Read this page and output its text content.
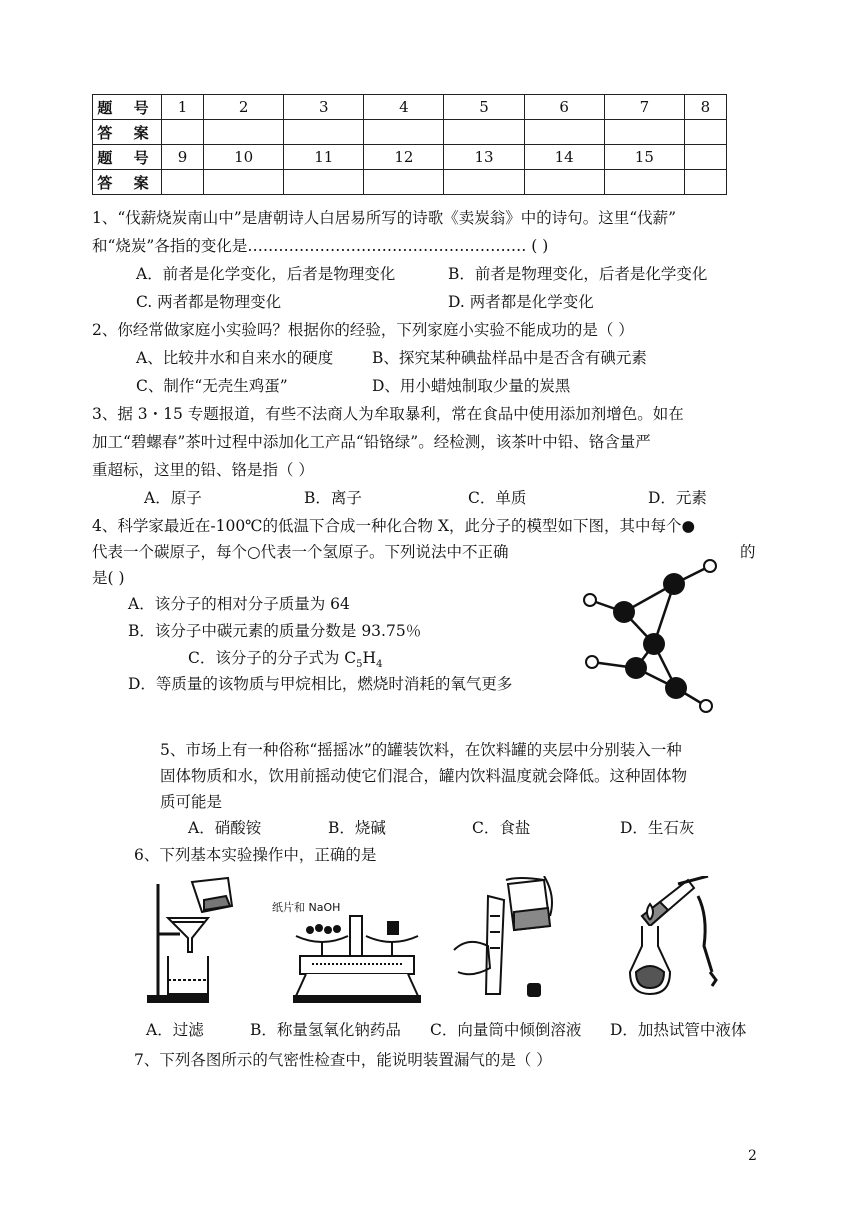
题 号	1	2	3	4	5	6	7	8
答 案								
题 号	9	10	11	12	13	14	15	
答 案								
1、“伐薪烧炭南山中”是唐朝诗人白居易所写的诗歌《卖炭翁》中的诗句。这里“伐薪”
和“烧炭”各指的变化是……………………………………………… ( )
A．前者是化学变化，后者是物理变化	B．前者是物理变化，后者是化学变化
C. 两者都是物理变化	D. 两者都是化学变化
2、你经常做家庭小实验吗？根据你的经验，下列家庭小实验不能成功的是（ ）
A、比较井水和自来水的硬度	B、探究某种碘盐样品中是否含有碘元素
C、制作“无壳生鸡蛋”	D、用小蜡烛制取少量的炭黑
3、据 3・15 专题报道，有些不法商人为牟取暴利，常在食品中使用添加剂增色。如在
加工“碧螺春”茶叶过程中添加化工产品“铅铬绿”。经检测，该茶叶中铅、铬含量严
重超标，这里的铅、铬是指（ ）
A．原子	B．离子	C．单质	D．元素
4、科学家最近在-100℃的低温下合成一种化合物 X，此分子的模型如下图，其中每个●
代表一个碳原子，每个○代表一个氢原子。下列说法中不正确	的
是( )
A．该分子的相对分子质量为 64
B．该分子中碳元素的质量分数是 93.75％
C．该分子的分子式为 $C_5H_4$
D．等质量的该物质与甲烷相比，燃烧时消耗的氧气更多
5、市场上有一种俗称“摇摇冰”的罐装饮料，在饮料罐的夹层中分别装入一种
固体物质和水，饮用前摇动使它们混合，罐内饮料温度就会降低。这种固体物
质可能是
A．硝酸铵	B．烧碱	C．食盐	D．生石灰
6、下列基本实验操作中，正确的是
A．过滤
纸片和 NaOH
B．称量氢氧化钠药品 C．向量筒中倾倒溶液 D．加热试管中液体
7、下列各图所示的气密性检查中，能说明装置漏气的是（ ）
2
